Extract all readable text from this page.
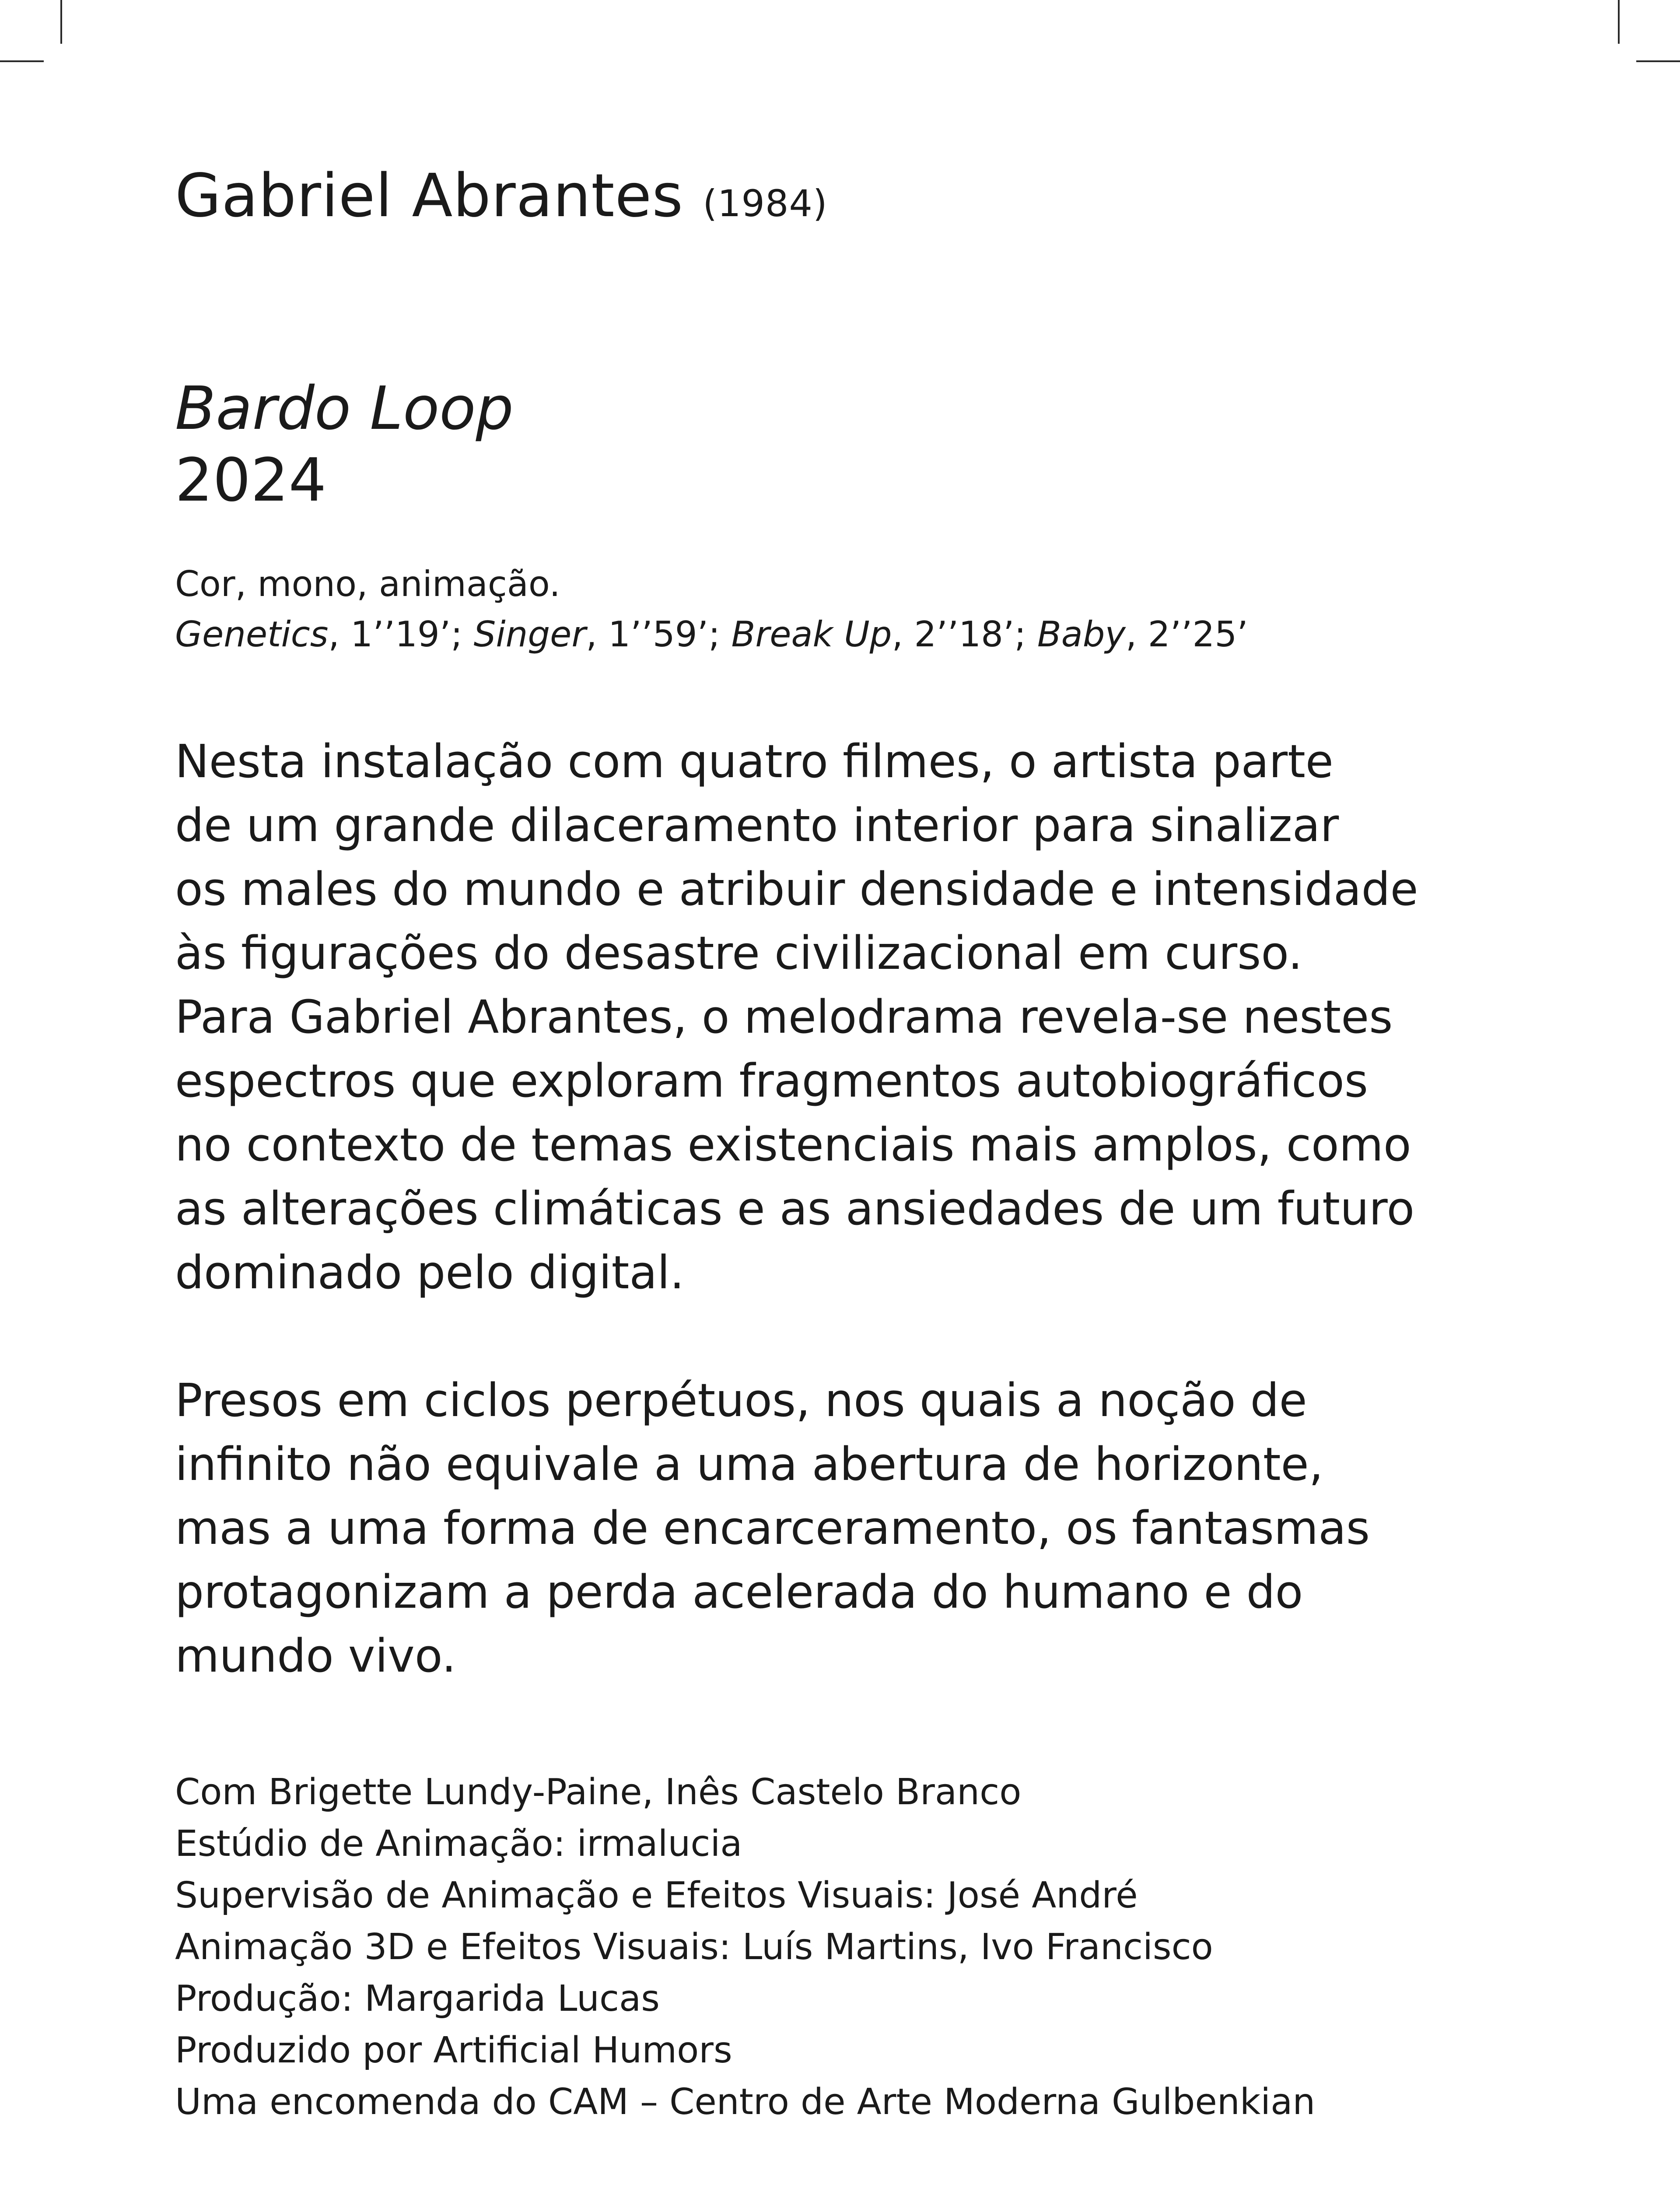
Gabriel Abrantes (1984)
Bardo Loop
2024
Cor, mono, animação.
Genetics, 1’’19’; Singer, 1’’59’; Break Up, 2’’18’; Baby, 2’’25’
Nesta instalação com quatro filmes, o artista parte
de um grande dilaceramento interior para sinalizar
os males do mundo e atribuir densidade e intensidade
às figurações do desastre civilizacional em curso.
Para Gabriel Abrantes, o melodrama revela-se nestes
espectros que exploram fragmentos autobiográficos
no contexto de temas existenciais mais amplos, como
as alterações climáticas e as ansiedades de um futuro
dominado pelo digital.
Presos em ciclos perpétuos, nos quais a noção de
infinito não equivale a uma abertura de horizonte,
mas a uma forma de encarceramento, os fantasmas
protagonizam a perda acelerada do humano e do
mundo vivo.
Com Brigette Lundy-Paine, Inês Castelo Branco
Estúdio de Animação: irmalucia
Supervisão de Animação e Efeitos Visuais: José André
Animação 3D e Efeitos Visuais: Luís Martins, Ivo Francisco
Produção: Margarida Lucas
Produzido por Artificial Humors
Uma encomenda do CAM – Centro de Arte Moderna Gulbenkian
